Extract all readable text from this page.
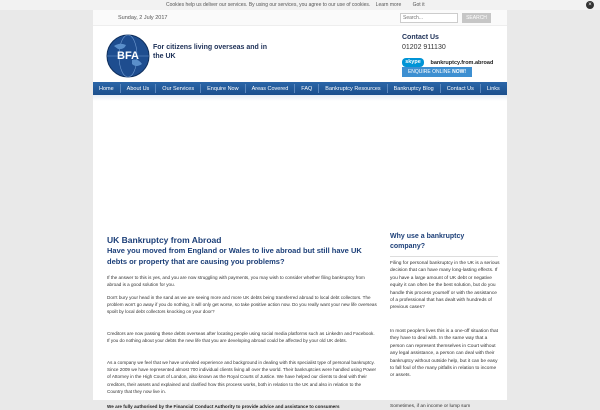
Cookies help us deliver our services. By using our services, you agree to our use of cookies. Learn more Got it	×
Sunday, 2 July 2017
Search...	SEARCH
BFA
For citizens living overseas and in the UK
Contact Us
01202 911130
skype bankruptcy.from.abroad
ENQUIRE ONLINE NOW!
Home	About Us	Our Services	Enquire Now	Areas Covered	FAQ	Bankruptcy Resources	Bankruptcy Blog	Contact Us	Links
UK Bankruptcy from Abroad
Have you moved from England or Wales to live abroad but still have UK debts or property that are causing you problems?

If the answer to this is yes, and you are now struggling with payments, you may wish to consider whether filing bankruptcy from abroad is a good solution for you.

Don't bury your head in the sand as we are seeing more and more UK debts being transferred abroad to local debt collectors. The problem won't go away if you do nothing, it will only get worse, so take positive action now. Do you really want your new life overseas spoilt by local debt collectors knocking on your door?

Creditors are now passing these debts overseas after locating people using social media platforms such as LinkedIn and Facebook. If you do nothing about your debts the new life that you are developing abroad could be affected by your old UK debts.

As a company we feel that we have unrivaled experience and background in dealing with this specialist type of personal bankruptcy. Since 2009 we have represented almost 700 individual clients living all over the world. Their bankruptcies were handled using Power of Attorney in the High Court of London, also known as the Royal Courts of Justice. We have helped our clients to deal with their creditors, their assets and explained and clarified how this process works, both in relation to the UK and also in relation to the Country that they now live in.

We are fully authorised by the Financial Conduct Authority to provide advice and assistance to consumers

Why use a bankruptcy company?

Filing for personal bankruptcy in the UK is a serious decision that can have many long-lasting effects. If you have a large amount of UK debt or negative equity it can often be the best solution, but do you handle this process yourself or with the assistance of a professional that has dealt with hundreds of previous cases?

In most people's lives this is a one-off situation that they have to deal with. In the same way that a person can represent themselves in Court without any legal assistance, a person can deal with their bankruptcy without outside help, but it can be easy to fall foul of the many pitfalls in relation to income or assets.

Sometimes, if an income or lump sum
